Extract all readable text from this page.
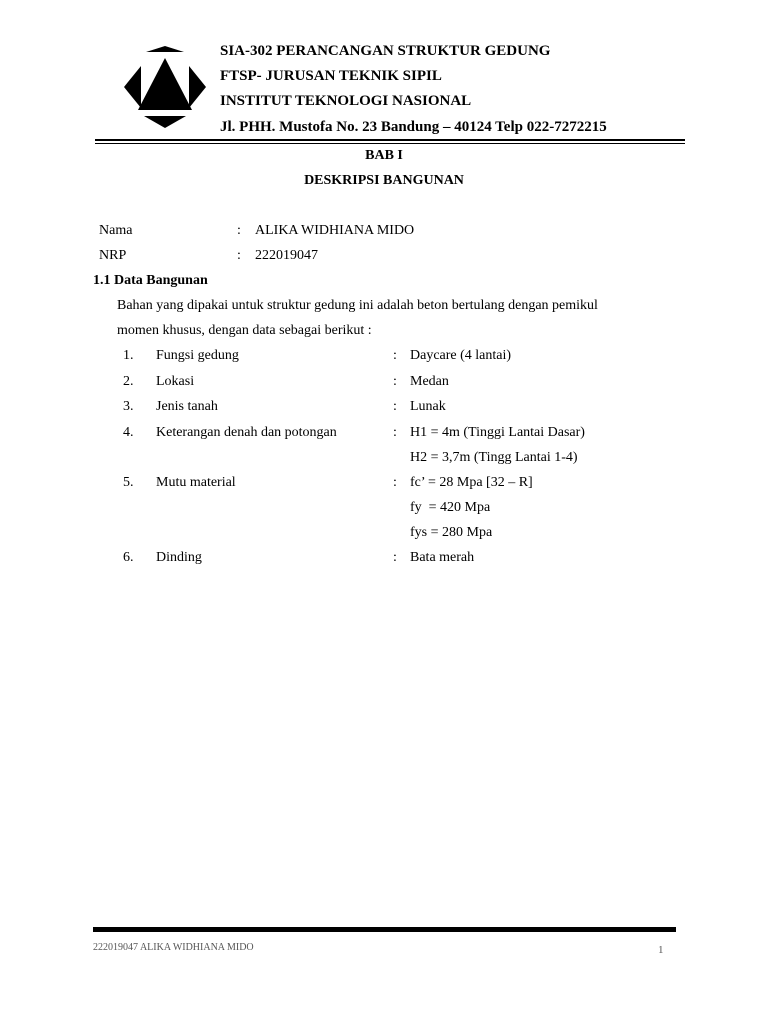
SIA-302 PERANCANGAN STRUKTUR GEDUNG
FTSP- JURUSAN TEKNIK SIPIL
INSTITUT TEKNOLOGI NASIONAL
Jl. PHH. Mustofa No. 23 Bandung – 40124 Telp 022-7272215
BAB I
DESKRIPSI BANGUNAN
Nama	: ALIKA WIDHIANA MIDO
NRP	: 222019047
1.1 Data Bangunan
Bahan yang dipakai untuk struktur gedung ini adalah beton bertulang dengan pemikul
momen khusus, dengan data sebagai berikut :
1. Fungsi gedung	: Daycare (4 lantai)
2. Lokasi	: Medan
3. Jenis tanah	: Lunak
4. Keterangan denah dan potongan	: H1 = 4m (Tinggi Lantai Dasar)
H2 = 3,7m (Tingg Lantai 1-4)
5. Mutu material	: fc’ = 28 Mpa [32 – R]
fy  = 420 Mpa
fys = 280 Mpa
6. Dinding	: Bata merah
222019047 ALIKA WIDHIANA MIDO	1
